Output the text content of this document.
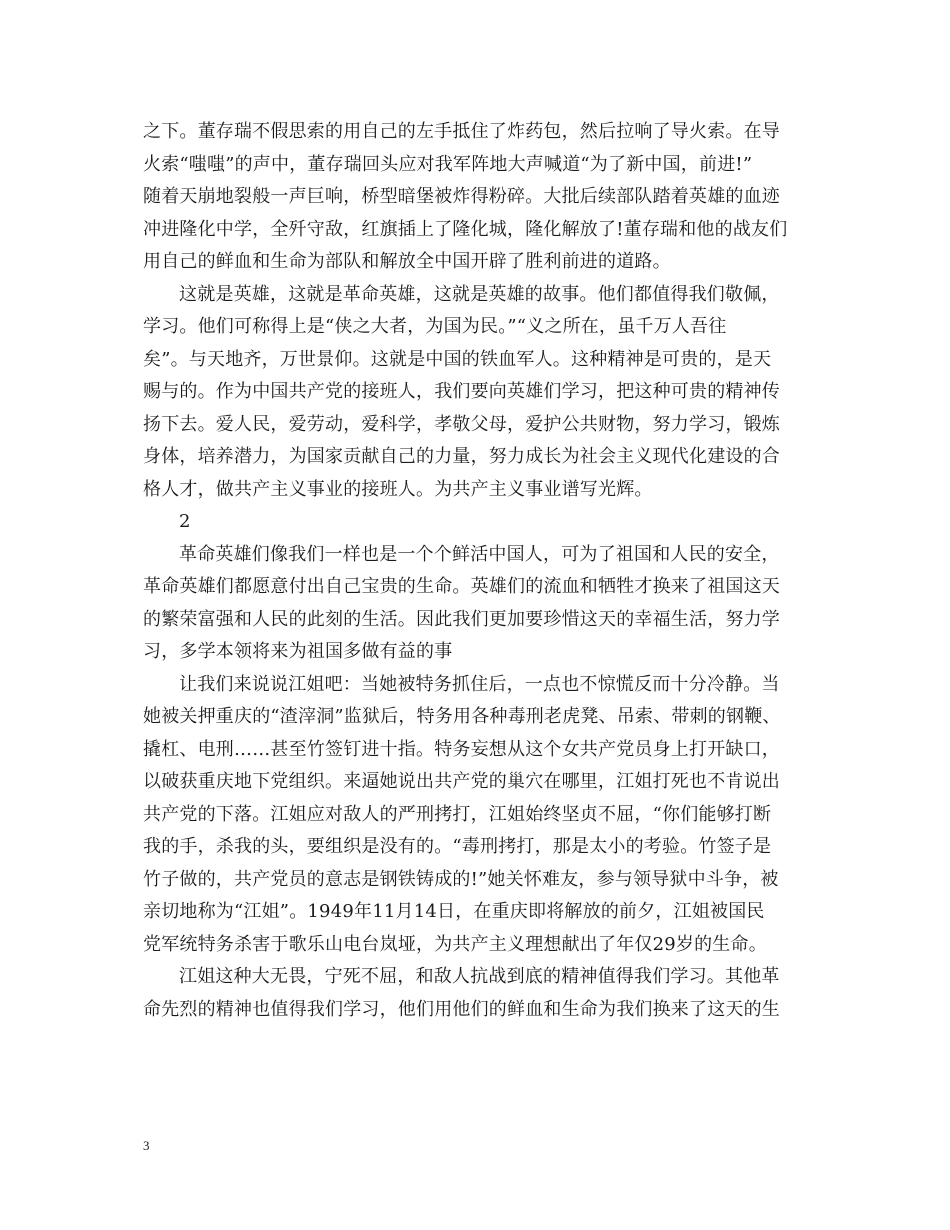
之下。董存瑞不假思索的用自己的左手抵住了炸药包，然后拉响了导火索。在导
火索“嗤嗤”的声中，董存瑞回头应对我军阵地大声喊道“为了新中国，前进!”
随着天崩地裂般一声巨响，桥型暗堡被炸得粉碎。大批后续部队踏着英雄的血迹
冲进隆化中学，全歼守敌，红旗插上了隆化城，隆化解放了!董存瑞和他的战友们
用自己的鲜血和生命为部队和解放全中国开辟了胜利前进的道路。
这就是英雄，这就是革命英雄，这就是英雄的故事。他们都值得我们敬佩，
学习。他们可称得上是“侠之大者，为国为民。”“义之所在，虽千万人吾往
矣”。与天地齐，万世景仰。这就是中国的铁血军人。这种精神是可贵的，是天
赐与的。作为中国共产党的接班人，我们要向英雄们学习，把这种可贵的精神传
扬下去。爱人民，爱劳动，爱科学，孝敬父母，爱护公共财物，努力学习，锻炼
身体，培养潜力，为国家贡献自己的力量，努力成长为社会主义现代化建设的合
格人才，做共产主义事业的接班人。为共产主义事业谱写光辉。
2
革命英雄们像我们一样也是一个个鲜活中国人，可为了祖国和人民的安全，
革命英雄们都愿意付出自己宝贵的生命。英雄们的流血和牺牲才换来了祖国这天
的繁荣富强和人民的此刻的生活。因此我们更加要珍惜这天的幸福生活，努力学
习，多学本领将来为祖国多做有益的事
让我们来说说江姐吧：当她被特务抓住后，一点也不惊慌反而十分冷静。当
她被关押重庆的“渣滓洞”监狱后，特务用各种毒刑老虎凳、吊索、带刺的钢鞭、
撬杠、电刑……甚至竹签钉进十指。特务妄想从这个女共产党员身上打开缺口，
以破获重庆地下党组织。来逼她说出共产党的巢穴在哪里，江姐打死也不肯说出
共产党的下落。江姐应对敌人的严刑拷打，江姐始终坚贞不屈，“你们能够打断
我的手，杀我的头，要组织是没有的。“毒刑拷打，那是太小的考验。竹签子是
竹子做的，共产党员的意志是钢铁铸成的!”她关怀难友，参与领导狱中斗争，被
亲切地称为“江姐”。1949年11月14日，在重庆即将解放的前夕，江姐被国民
党军统特务杀害于歌乐山电台岚垭，为共产主义理想献出了年仅29岁的生命。
江姐这种大无畏，宁死不屈，和敌人抗战到底的精神值得我们学习。其他革
命先烈的精神也值得我们学习，他们用他们的鲜血和生命为我们换来了这天的生
3
